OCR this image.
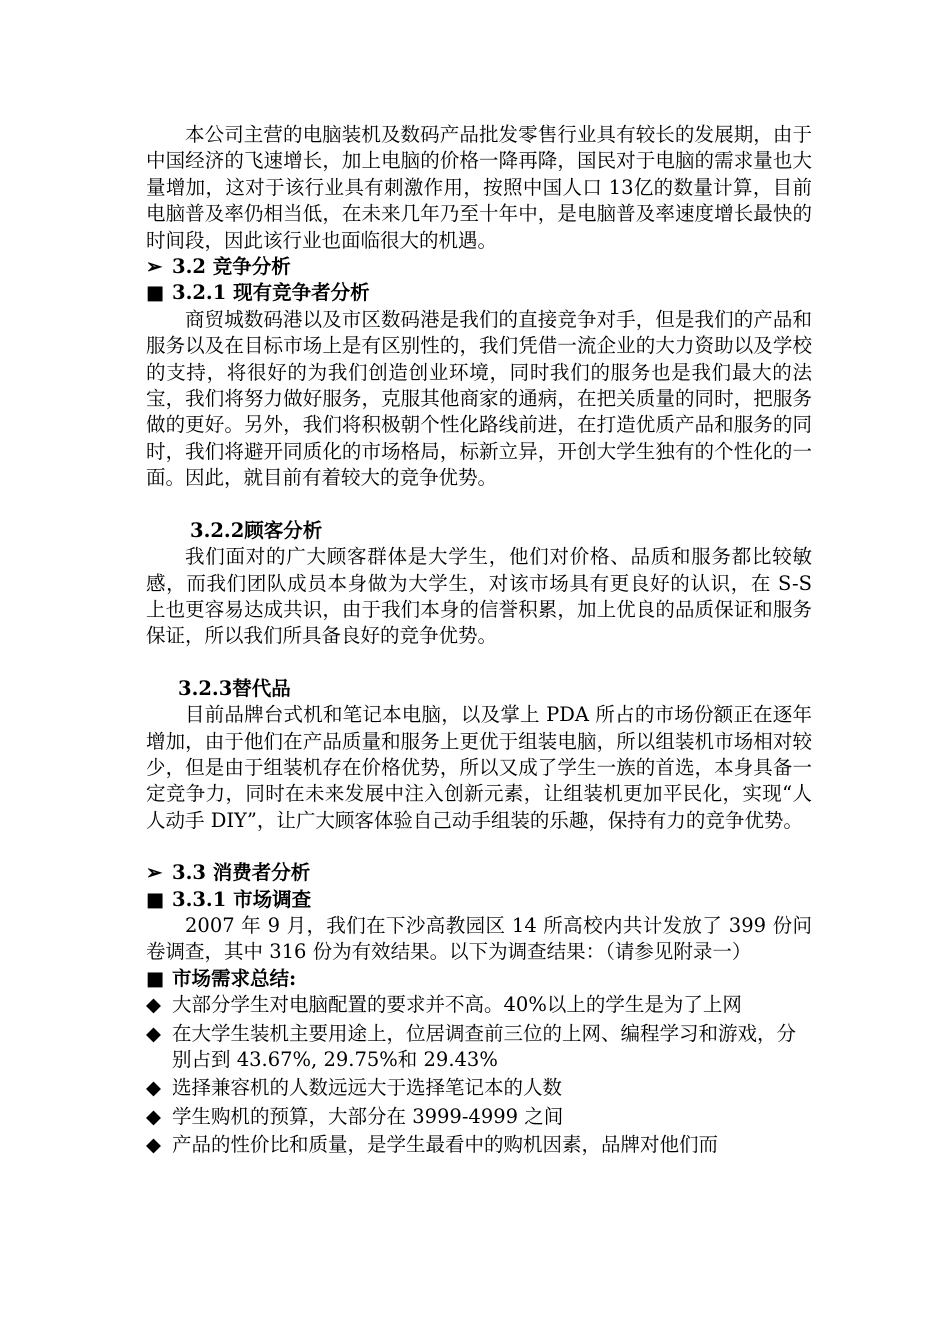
本公司主营的电脑装机及数码产品批发零售行业具有较长的发展期，由于中国经济的飞速增长，加上电脑的价格一降再降，国民对于电脑的需求量也大量增加，这对于该行业具有刺激作用，按照中国人口 13亿的数量计算，目前电脑普及率仍相当低，在未来几年乃至十年中，是电脑普及率速度增长最快的时间段，因此该行业也面临很大的机遇。

➢ 3.2 竞争分析

■ 3.2.1 现有竞争者分析

商贸城数码港以及市区数码港是我们的直接竞争对手，但是我们的产品和服务以及在目标市场上是有区别性的，我们凭借一流企业的大力资助以及学校的支持，将很好的为我们创造创业环境，同时我们的服务也是我们最大的法宝，我们将努力做好服务，克服其他商家的通病，在把关质量的同时，把服务做的更好。另外，我们将积极朝个性化路线前进，在打造优质产品和服务的同时，我们将避开同质化的市场格局，标新立异，开创大学生独有的个性化的一面。因此，就目前有着较大的竞争优势。

3.2.2顾客分析

我们面对的广大顾客群体是大学生，他们对价格、品质和服务都比较敏感，而我们团队成员本身做为大学生，对该市场具有更良好的认识，在 S-S 上也更容易达成共识，由于我们本身的信誉积累，加上优良的品质保证和服务保证，所以我们所具备良好的竞争优势。

3.2.3替代品

目前品牌台式机和笔记本电脑，以及掌上 PDA 所占的市场份额正在逐年增加，由于他们在产品质量和服务上更优于组装电脑，所以组装机市场相对较少，但是由于组装机存在价格优势，所以又成了学生一族的首选，本身具备一定竞争力，同时在未来发展中注入创新元素，让组装机更加平民化，实现“人人动手 DIY”，让广大顾客体验自己动手组装的乐趣，保持有力的竞争优势。

➢ 3.3 消费者分析

■ 3.3.1 市场调查

2007 年 9 月，我们在下沙高教园区 14 所高校内共计发放了 399 份问卷调查，其中 316 份为有效结果。以下为调查结果：（请参见附录一）

■ 市场需求总结:

◆ 大部分学生对电脑配置的要求并不高。40%以上的学生是为了上网
◆ 在大学生装机主要用途上，位居调查前三位的上网、编程学习和游戏，分别占到 43.67%, 29.75%和 29.43%
◆ 选择兼容机的人数远远大于选择笔记本的人数
◆ 学生购机的预算，大部分在 3999-4999 之间
◆ 产品的性价比和质量，是学生最看中的购机因素，品牌对他们而
